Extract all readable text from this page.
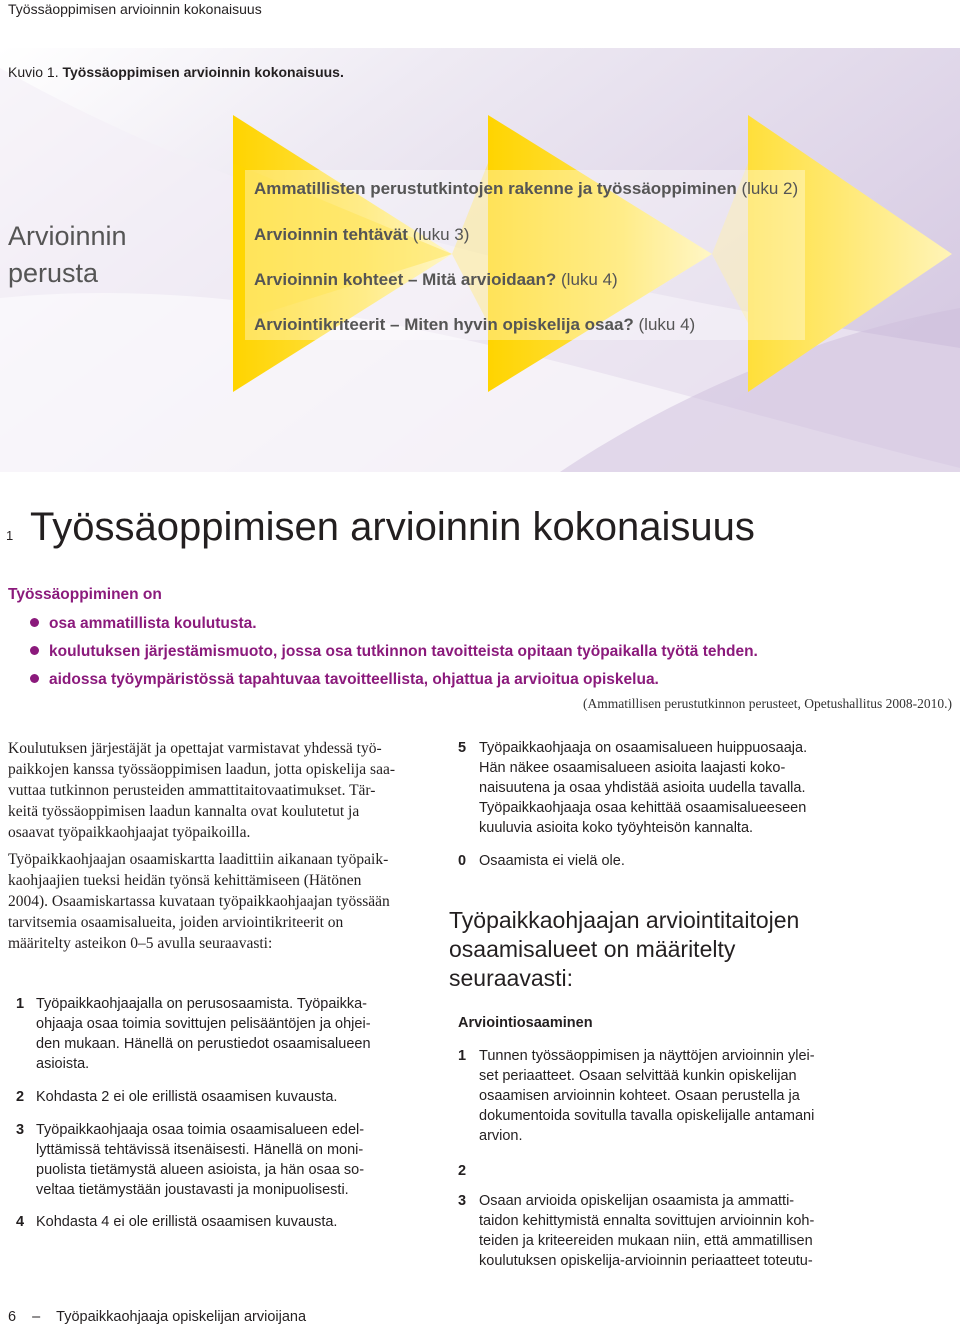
Työssäoppimisen arvioinnin kokonaisuus
Kuvio 1. Työssäoppimisen arvioinnin kokonaisuus.
Arvioinnin
perusta
Ammatillisten perustutkintojen rakenne ja työssäoppiminen (luku 2)
Arvioinnin tehtävät (luku 3)
Arvioinnin kohteet – Mitä arvioidaan? (luku 4)
Arviointikriteerit – Miten hyvin opiskelija osaa? (luku 4)
1 Työssäoppimisen arvioinnin kokonaisuus
Työssäoppiminen on
osa ammatillista koulutusta.
koulutuksen järjestämismuoto, jossa osa tutkinnon tavoitteista opitaan työpaikalla työtä tehden.
aidossa työympäristössä tapahtuvaa tavoitteellista, ohjattua ja arvioitua opiskelua.
(Ammatillisen perustutkinnon perusteet, Opetushallitus 2008-2010.)
Koulutuksen järjestäjät ja opettajat varmistavat yhdessä työ-
paikkojen kanssa työssäoppimisen laadun, jotta opiskelija saa-
vuttaa tutkinnon perusteiden ammattitaitovaatimukset. Tär-
keitä työssäoppimisen laadun kannalta ovat koulutetut ja
osaavat työpaikkaohjaajat työpaikoilla.
Työpaikkaohjaajan osaamiskartta laadittiin aikanaan työpaik-
kaohjaajien tueksi heidän työnsä kehittämiseen (Hätönen
2004). Osaamiskartassa kuvataan työpaikkaohjaajan työssään
tarvitsemia osaamisalueita, joiden arviointikriteerit on
määritelty asteikon 0–5 avulla seuraavasti:
1 Työpaikkaohjaajalla on perusosaamista. Työpaikka-
ohjaaja osaa toimia sovittujen pelisääntöjen ja ohjei-
den mukaan. Hänellä on perustiedot osaamisalueen
asioista.
2 Kohdasta 2 ei ole erillistä osaamisen kuvausta.
3 Työpaikkaohjaaja osaa toimia osaamisalueen edel-
lyttämissä tehtävissä itsenäisesti. Hänellä on moni-
puolista tietämystä alueen asioista, ja hän osaa so-
veltaa tietämystään joustavasti ja monipuolisesti.
4 Kohdasta 4 ei ole erillistä osaamisen kuvausta.
5 Työpaikkaohjaaja on osaamisalueen huippuosaaja.
Hän näkee osaamisalueen asioita laajasti koko-
naisuutena ja osaa yhdistää asioita uudella tavalla.
Työpaikkaohjaaja osaa kehittää osaamisalueeseen
kuuluvia asioita koko työyhteisön kannalta.
0 Osaamista ei vielä ole.
Työpaikkaohjaajan arviointitaitojen
osaamisalueet on määritelty
seuraavasti:
Arviointiosaaminen
1 Tunnen työssäoppimisen ja näyttöjen arvioinnin ylei-
set periaatteet. Osaan selvittää kunkin opiskelijan
osaamisen arvioinnin kohteet. Osaan perustella ja
dokumentoida sovitulla tavalla opiskelijalle antamani
arvion.
2
3 Osaan arvioida opiskelijan osaamista ja ammatti-
taidon kehittymistä ennalta sovittujen arvioinnin koh-
teiden ja kriteereiden mukaan niin, että ammatillisen
koulutuksen opiskelija-arvioinnin periaatteet toteutu-
6 – Työpaikkaohjaaja opiskelijan arvioijana
